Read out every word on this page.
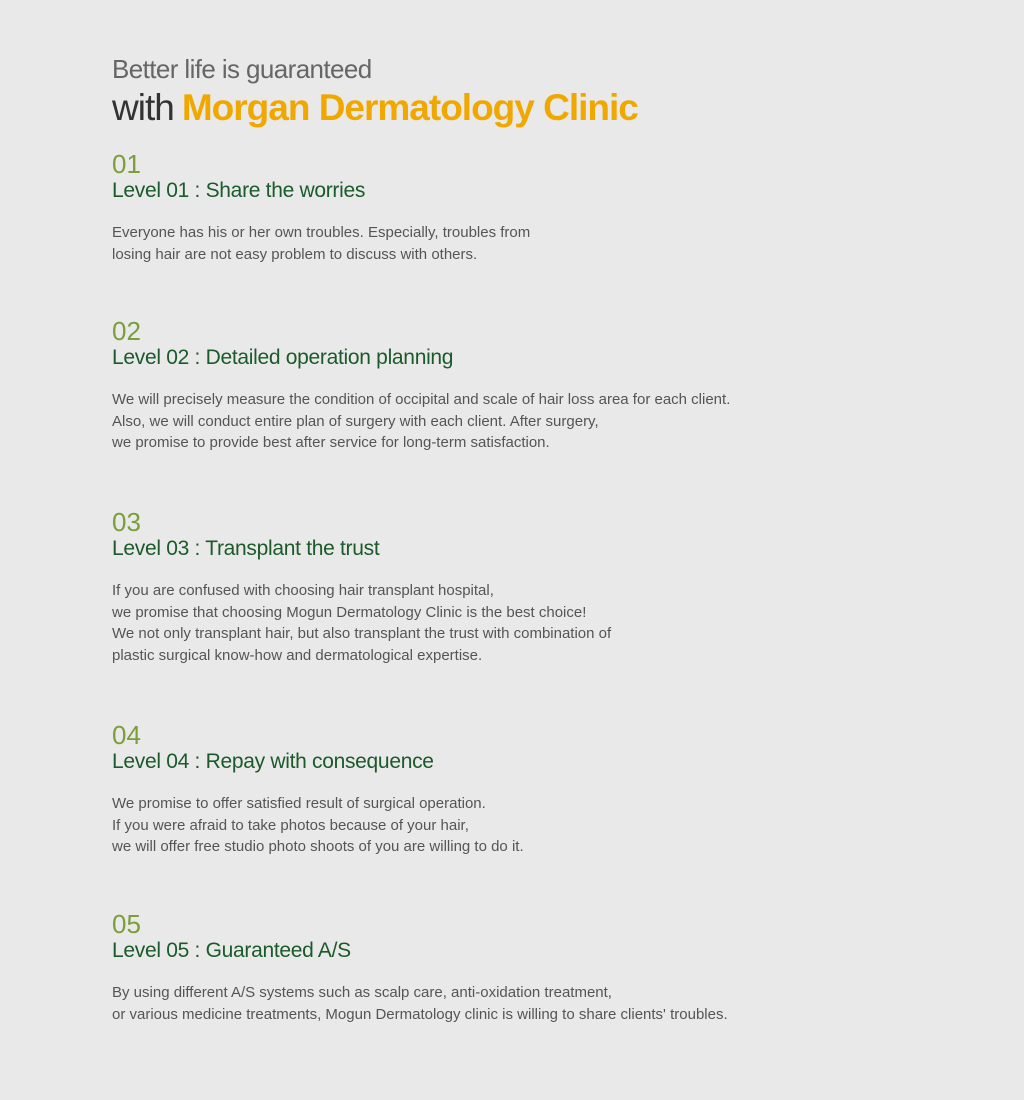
Better life is guaranteed

with Morgan Dermatology Clinic

01

Level 01 : Share the worries

Everyone has his or her own troubles. Especially, troubles from
losing hair are not easy problem to discuss with others.

02

Level 02 : Detailed operation planning

We will precisely measure the condition of occipital and scale of hair loss area for each client.
Also, we will conduct entire plan of surgery with each client. After surgery,
we promise to provide best after service for long-term satisfaction.

03

Level 03 : Transplant the trust

If you are confused with choosing hair transplant hospital,
we promise that choosing Mogun Dermatology Clinic is the best choice!
We not only transplant hair, but also transplant the trust with combination of
plastic surgical know-how and dermatological expertise.

04

Level 04 : Repay with consequence

We promise to offer satisfied result of surgical operation.
If you were afraid to take photos because of your hair,
we will offer free studio photo shoots of you are willing to do it.

05

Level 05 : Guaranteed A/S

By using different A/S systems such as scalp care, anti-oxidation treatment,
or various medicine treatments, Mogun Dermatology clinic is willing to share clients' troubles.
